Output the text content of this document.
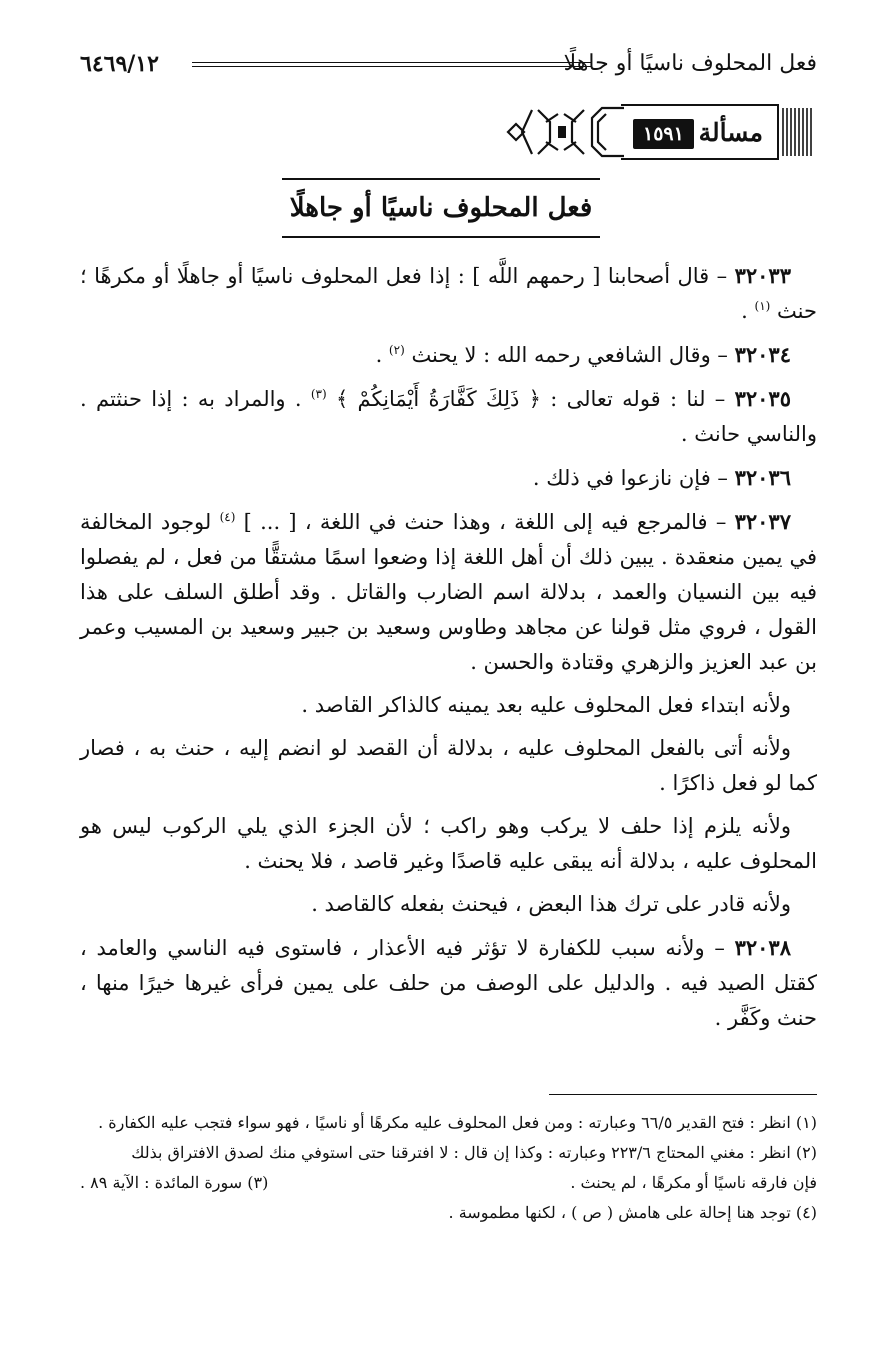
فعل المحلوف ناسيًا أو جاهلًا
٦٤٦٩/١٢
مسألة
١٥٩١
فعل المحلوف ناسيًا أو جاهلًا

٣٢٠٣٣ – قال أصحابنا [ رحمهم اللَّه ] : إذا فعل المحلوف ناسيًا أو جاهلًا أو مكرهًا ؛ حنث $^{(١)}$ .

٣٢٠٣٤ – وقال الشافعي رحمه الله : لا يحنث $^{(٢)}$ .

٣٢٠٣٥ – لنا : قوله تعالى : ﴿ ذَلِكَ كَفَّارَةُ أَيْمَانِكُمْ ﴾ $^{(٣)}$ . والمراد به : إذا حنثتم . والناسي حانث .

٣٢٠٣٦ – فإن نازعوا في ذلك .

٣٢٠٣٧ – فالمرجع فيه إلى اللغة ، وهذا حنث في اللغة ، [ ... ] $^{(٤)}$ لوجود المخالفة في يمين منعقدة . يبين ذلك أن أهل اللغة إذا وضعوا اسمًا مشتقًّا من فعل ، لم يفصلوا فيه بين النسيان والعمد ، بدلالة اسم الضارب والقاتل . وقد أطلق السلف على هذا القول ، فروي مثل قولنا عن مجاهد وطاوس وسعيد بن جبير وسعيد بن المسيب وعمر بن عبد العزيز والزهري وقتادة والحسن .

ولأنه ابتداء فعل المحلوف عليه بعد يمينه كالذاكر القاصد .

ولأنه أتى بالفعل المحلوف عليه ، بدلالة أن القصد لو انضم إليه ، حنث به ، فصار كما لو فعل ذاكرًا .

ولأنه يلزم إذا حلف لا يركب وهو راكب ؛ لأن الجزء الذي يلي الركوب ليس هو المحلوف عليه ، بدلالة أنه يبقى عليه قاصدًا وغير قاصد ، فلا يحنث .

ولأنه قادر على ترك هذا البعض ، فيحنث بفعله كالقاصد .

٣٢٠٣٨ – ولأنه سبب للكفارة لا تؤثر فيه الأعذار ، فاستوى فيه الناسي والعامد ، كقتل الصيد فيه . والدليل على الوصف من حلف على يمين فرأى غيرها خيرًا منها ، حنث وكَفَّر .

(١) انظر : فتح القدير ٦٦/٥ وعبارته : ومن فعل المحلوف عليه مكرهًا أو ناسيًا ، فهو سواء فتجب عليه الكفارة .

(٢) انظر : مغني المحتاج ٢٢٣/٦ وعبارته : وكذا إن قال : لا افترقنا حتى استوفي منك لصدق الافتراق بذلك

فإن فارقه ناسيًا أو مكرهًا ، لم يحنث .
(٣) سورة المائدة : الآية ٨٩ .

(٤) توجد هنا إحالة على هامش ( ص ) ، لكنها مطموسة .
